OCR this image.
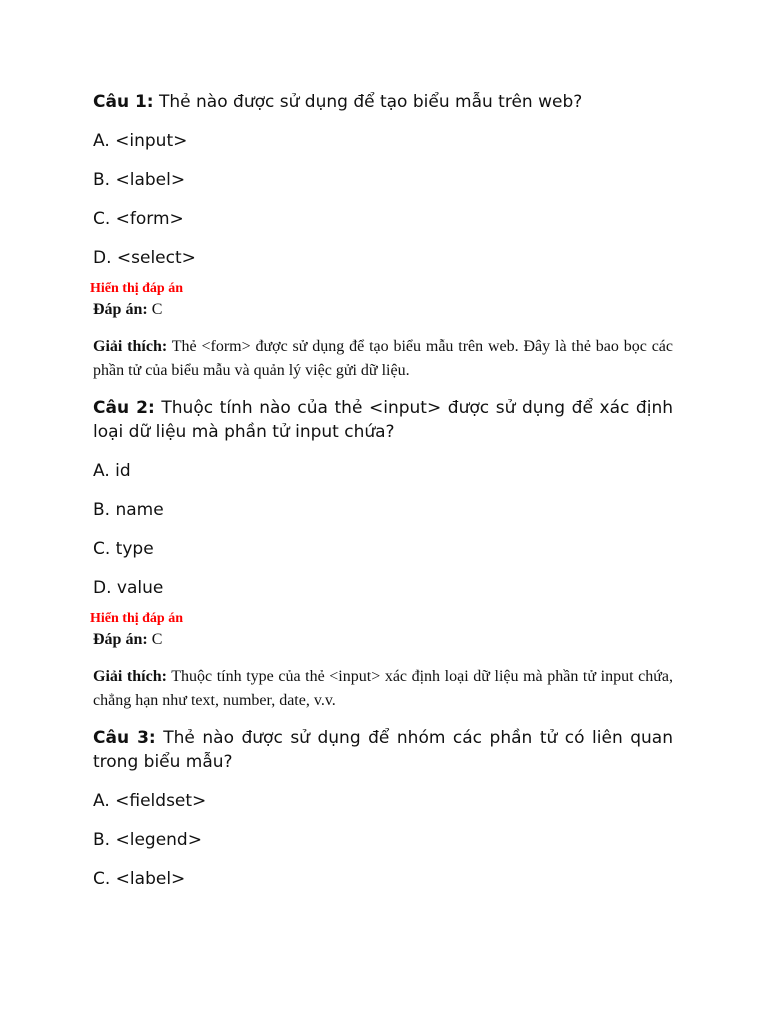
Câu 1: Thẻ nào được sử dụng để tạo biểu mẫu trên web?

A. <input>

B. <label>

C. <form>

D. <select>

Hiển thị đáp án

Đáp án: C

Giải thích: Thẻ <form> được sử dụng để tạo biểu mẫu trên web. Đây là thẻ bao bọc các phần tử của biểu mẫu và quản lý việc gửi dữ liệu.

Câu 2: Thuộc tính nào của thẻ <input> được sử dụng để xác định loại dữ liệu mà phần tử input chứa?

A. id

B. name

C. type

D. value

Hiển thị đáp án

Đáp án: C

Giải thích: Thuộc tính type của thẻ <input> xác định loại dữ liệu mà phần tử input chứa, chẳng hạn như text, number, date, v.v.

Câu 3: Thẻ nào được sử dụng để nhóm các phần tử có liên quan trong biểu mẫu?

A. <fieldset>

B. <legend>

C. <label>
